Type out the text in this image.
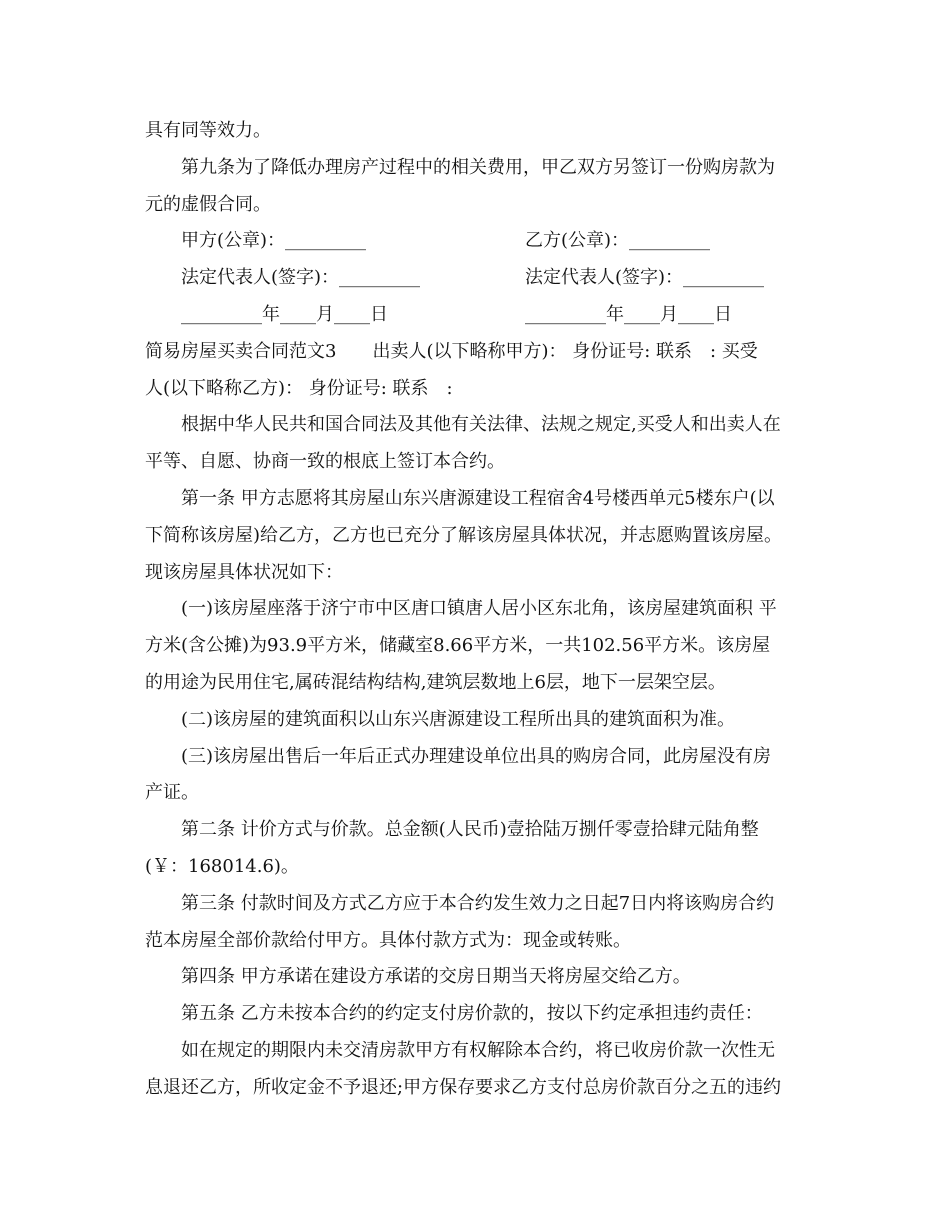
具有同等效力。
第九条为了降低办理房产过程中的相关费用，甲乙双方另签订一份购房款为
元的虚假合同。
甲方(公章)：_________	乙方(公章)：_________
法定代表人(签字)：_________	法定代表人(签字)：_________
_________年____月____日	_________年____月____日
简易房屋买卖合同范文3　　出卖人(以下略称甲方)： 身份证号: 联系　: 买受
人(以下略称乙方)： 身份证号: 联系　:
根据中华人民共和国合同法及其他有关法律、法规之规定,买受人和出卖人在
平等、自愿、协商一致的根底上签订本合约。
第一条 甲方志愿将其房屋山东兴唐源建设工程宿舍4号楼西单元5楼东户(以
下简称该房屋)给乙方，乙方也已充分了解该房屋具体状况，并志愿购置该房屋。
现该房屋具体状况如下：
(一)该房屋座落于济宁市中区唐口镇唐人居小区东北角，该房屋建筑面积 平
方米(含公摊)为93.9平方米，储藏室8.66平方米，一共102.56平方米。该房屋
的用途为民用住宅,属砖混结构结构,建筑层数地上6层，地下一层架空层。
(二)该房屋的建筑面积以山东兴唐源建设工程所出具的建筑面积为准。
(三)该房屋出售后一年后正式办理建设单位出具的购房合同，此房屋没有房
产证。
第二条 计价方式与价款。总金额(人民币)壹拾陆万捌仟零壹拾肆元陆角整
(￥：168014.6)。
第三条 付款时间及方式乙方应于本合约发生效力之日起7日内将该购房合约
范本房屋全部价款给付甲方。具体付款方式为：现金或转账。
第四条 甲方承诺在建设方承诺的交房日期当天将房屋交给乙方。
第五条 乙方未按本合约的约定支付房价款的，按以下约定承担违约责任：
如在规定的期限内未交清房款甲方有权解除本合约，将已收房价款一次性无
息退还乙方，所收定金不予退还;甲方保存要求乙方支付总房价款百分之五的违约
